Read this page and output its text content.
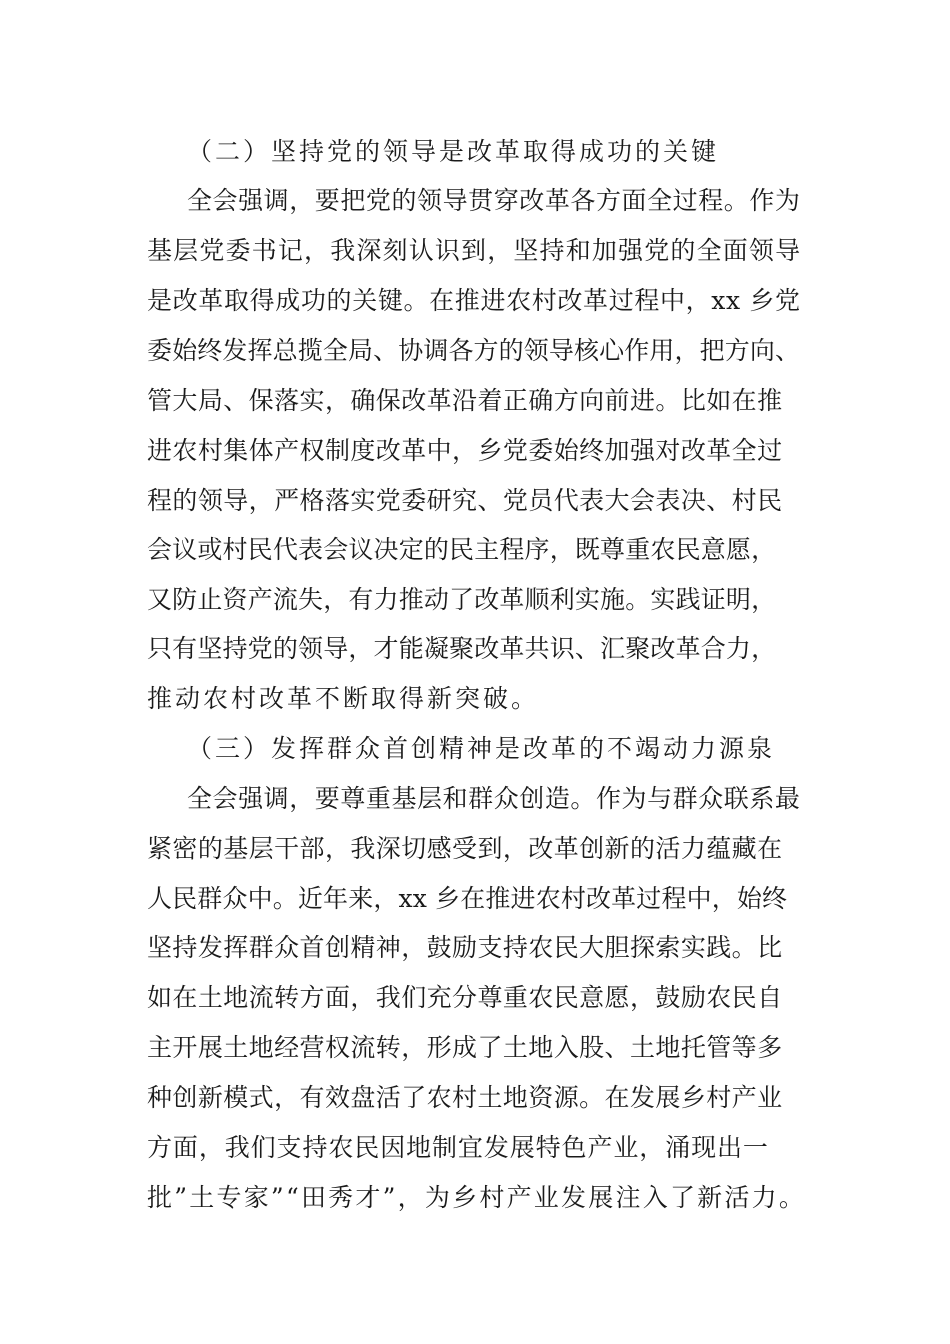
（二）坚持党的领导是改革取得成功的关键
全会强调，要把党的领导贯穿改革各方面全过程。作为
基层党委书记，我深刻认识到，坚持和加强党的全面领导
是改革取得成功的关键。在推进农村改革过程中，xx 乡党
委始终发挥总揽全局、协调各方的领导核心作用，把方向、
管大局、保落实，确保改革沿着正确方向前进。比如在推
进农村集体产权制度改革中，乡党委始终加强对改革全过
程的领导，严格落实党委研究、党员代表大会表决、村民
会议或村民代表会议决定的民主程序，既尊重农民意愿，
又防止资产流失，有力推动了改革顺利实施。实践证明，
只有坚持党的领导，才能凝聚改革共识、汇聚改革合力，
推动农村改革不断取得新突破。
（三）发挥群众首创精神是改革的不竭动力源泉
全会强调，要尊重基层和群众创造。作为与群众联系最
紧密的基层干部，我深切感受到，改革创新的活力蕴藏在
人民群众中。近年来，xx 乡在推进农村改革过程中，始终
坚持发挥群众首创精神，鼓励支持农民大胆探索实践。比
如在土地流转方面，我们充分尊重农民意愿，鼓励农民自
主开展土地经营权流转，形成了土地入股、土地托管等多
种创新模式，有效盘活了农村土地资源。在发展乡村产业
方面，我们支持农民因地制宜发展特色产业，涌现出一
批”土专家”“田秀才”，为乡村产业发展注入了新活力。
